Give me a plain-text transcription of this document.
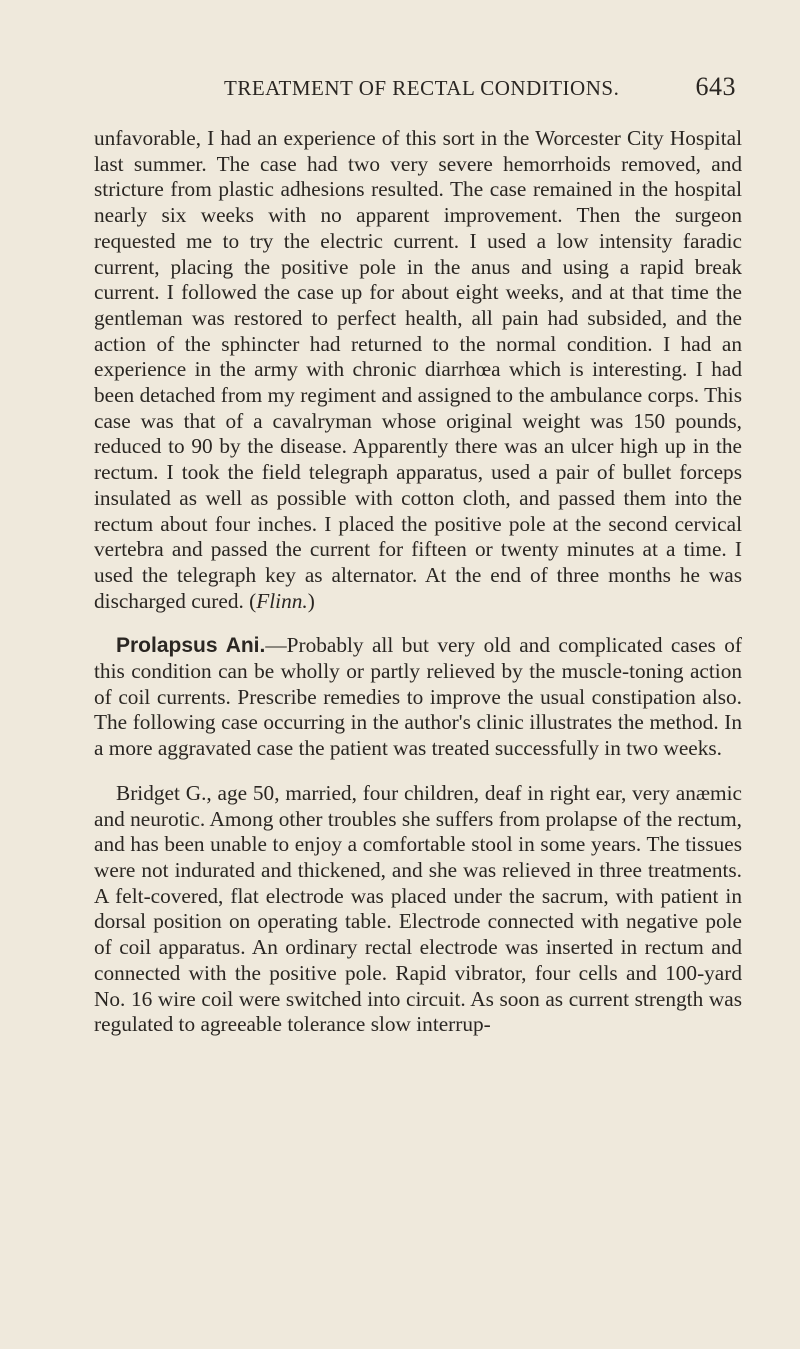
TREATMENT OF RECTAL CONDITIONS.	643

unfavorable, I had an experience of this sort in the Worcester City Hospital last summer. The case had two very severe hemorrhoids removed, and stricture from plastic adhesions resulted. The case remained in the hospital nearly six weeks with no apparent improvement. Then the surgeon requested me to try the electric current. I used a low intensity faradic current, placing the positive pole in the anus and using a rapid break current. I followed the case up for about eight weeks, and at that time the gentleman was restored to perfect health, all pain had subsided, and the action of the sphincter had returned to the normal condition. I had an experience in the army with chronic diarrhœa which is interesting. I had been detached from my regiment and assigned to the ambulance corps. This case was that of a cavalryman whose original weight was 150 pounds, reduced to 90 by the disease. Apparently there was an ulcer high up in the rectum. I took the field telegraph apparatus, used a pair of bullet forceps insulated as well as possible with cotton cloth, and passed them into the rectum about four inches. I placed the positive pole at the second cervical vertebra and passed the current for fifteen or twenty minutes at a time. I used the telegraph key as alternator. At the end of three months he was discharged cured. (Flinn.)

Prolapsus Ani.—Probably all but very old and complicated cases of this condition can be wholly or partly relieved by the muscle-toning action of coil currents. Prescribe remedies to improve the usual constipation also. The following case occurring in the author's clinic illustrates the method. In a more aggravated case the patient was treated successfully in two weeks.

Bridget G., age 50, married, four children, deaf in right ear, very anæmic and neurotic. Among other troubles she suffers from prolapse of the rectum, and has been unable to enjoy a comfortable stool in some years. The tissues were not indurated and thickened, and she was relieved in three treatments. A felt-covered, flat electrode was placed under the sacrum, with patient in dorsal position on operating table. Electrode connected with negative pole of coil apparatus. An ordinary rectal electrode was inserted in rectum and connected with the positive pole. Rapid vibrator, four cells and 100-yard No. 16 wire coil were switched into circuit. As soon as current strength was regulated to agreeable tolerance slow interrup-
